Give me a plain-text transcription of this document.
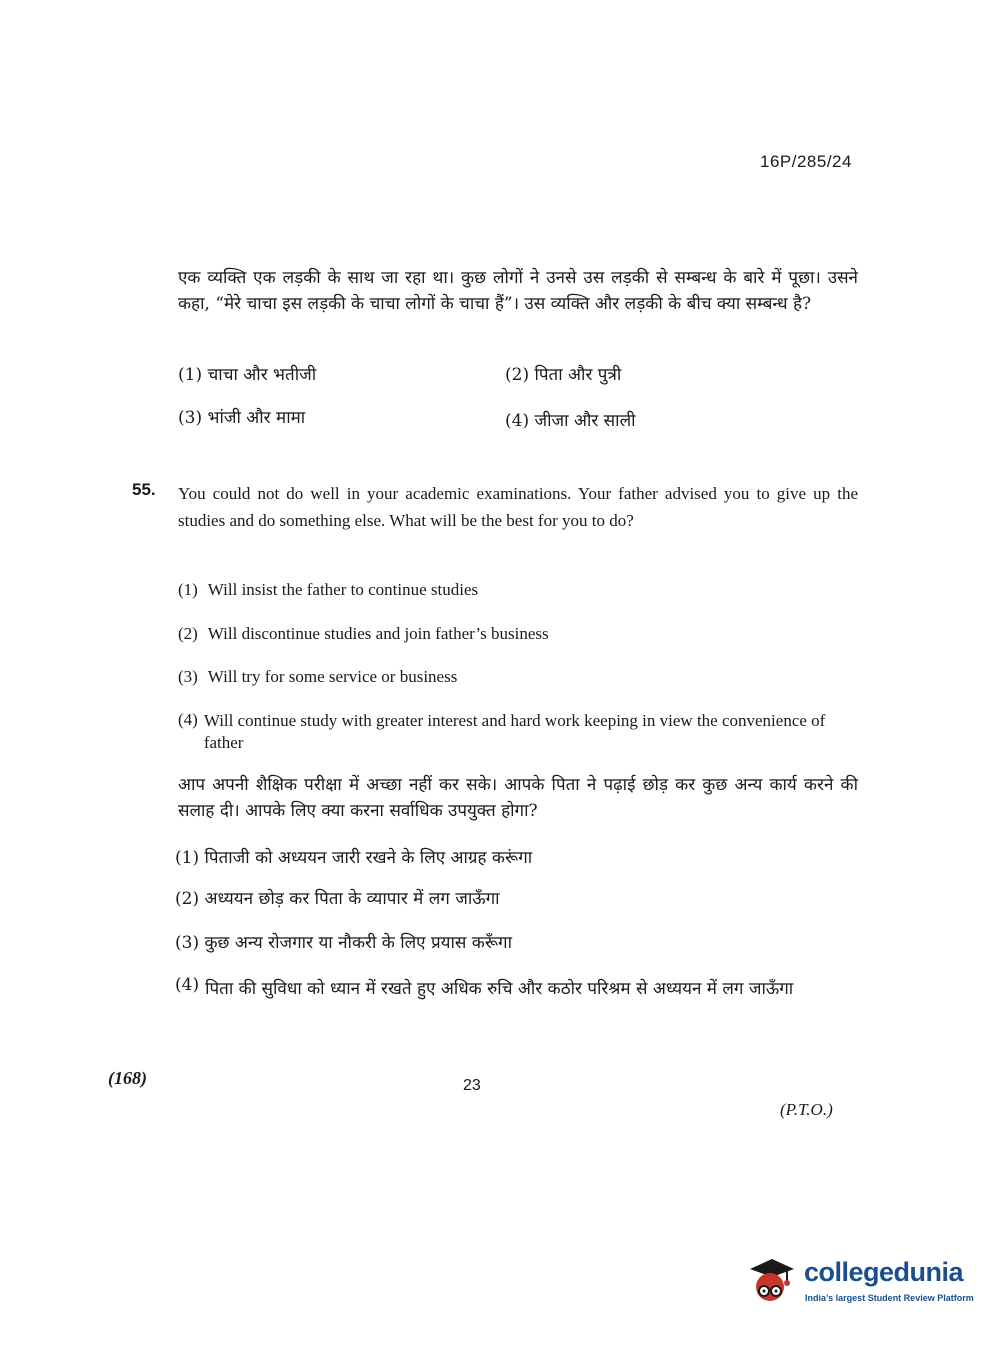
16P/285/24
एक व्यक्ति एक लड़की के साथ जा रहा था। कुछ लोगों ने उनसे उस लड़की से सम्बन्ध के बारे में पूछा। उसने कहा, “मेरे चाचा इस लड़की के चाचा लोगों के चाचा हैं”। उस व्यक्ति और लड़की के बीच क्या सम्बन्ध है?
(1) चाचा और भतीजी	(2) पिता और पुत्री
(3) भांजी और मामा	(4) जीजा और साली
55. You could not do well in your academic examinations. Your father advised you to give up the studies and do something else. What will be the best for you to do?
(1) Will insist the father to continue studies
(2) Will discontinue studies and join father’s business
(3) Will try for some service or business
(4) Will continue study with greater interest and hard work keeping in view the convenience of father
आप अपनी शैक्षिक परीक्षा में अच्छा नहीं कर सके। आपके पिता ने पढ़ाई छोड़ कर कुछ अन्य कार्य करने की सलाह दी। आपके लिए क्या करना सर्वाधिक उपयुक्त होगा?
(1) पिताजी को अध्ययन जारी रखने के लिए आग्रह करूंगा
(2) अध्ययन छोड़ कर पिता के व्यापार में लग जाऊँगा
(3) कुछ अन्य रोजगार या नौकरी के लिए प्रयास करूँगा
(4) पिता की सुविधा को ध्यान में रखते हुए अधिक रुचि और कठोर परिश्रम से अध्ययन में लग जाऊँगा
(168)	23
(P.T.O.)
collegedunia
India’s largest Student Review Platform
